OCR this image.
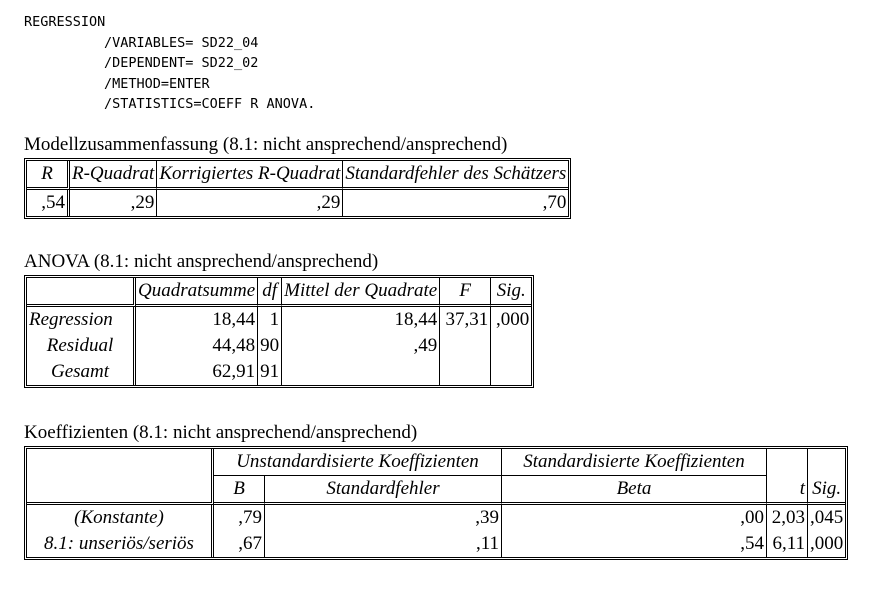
REGRESSION
/VARIABLES= SD22_04
/DEPENDENT= SD22_02
/METHOD=ENTER
/STATISTICS=COEFF R ANOVA.
Modellzusammenfassung (8.1: nicht ansprechend/ansprechend)
R	R-Quadrat	Korrigiertes R-Quadrat	Standardfehler des Schätzers
,54	,29	,29	,70
ANOVA (8.1: nicht ansprechend/ansprechend)
	Quadratsumme	df	Mittel der Quadrate	F	Sig.
Regression	18,44	1	18,44	37,31	,000
Residual	44,48	90	,49		
Gesamt	62,91	91			
Koeffizienten (8.1: nicht ansprechend/ansprechend)
	Unstandardisierte Koeffizienten		Standardisierte Koeffizienten		
	B	Standardfehler	Beta	t	Sig.
(Konstante)	,79	,39	,00	2,03	,045
8.1: unseriös/seriös	,67	,11	,54	6,11	,000
